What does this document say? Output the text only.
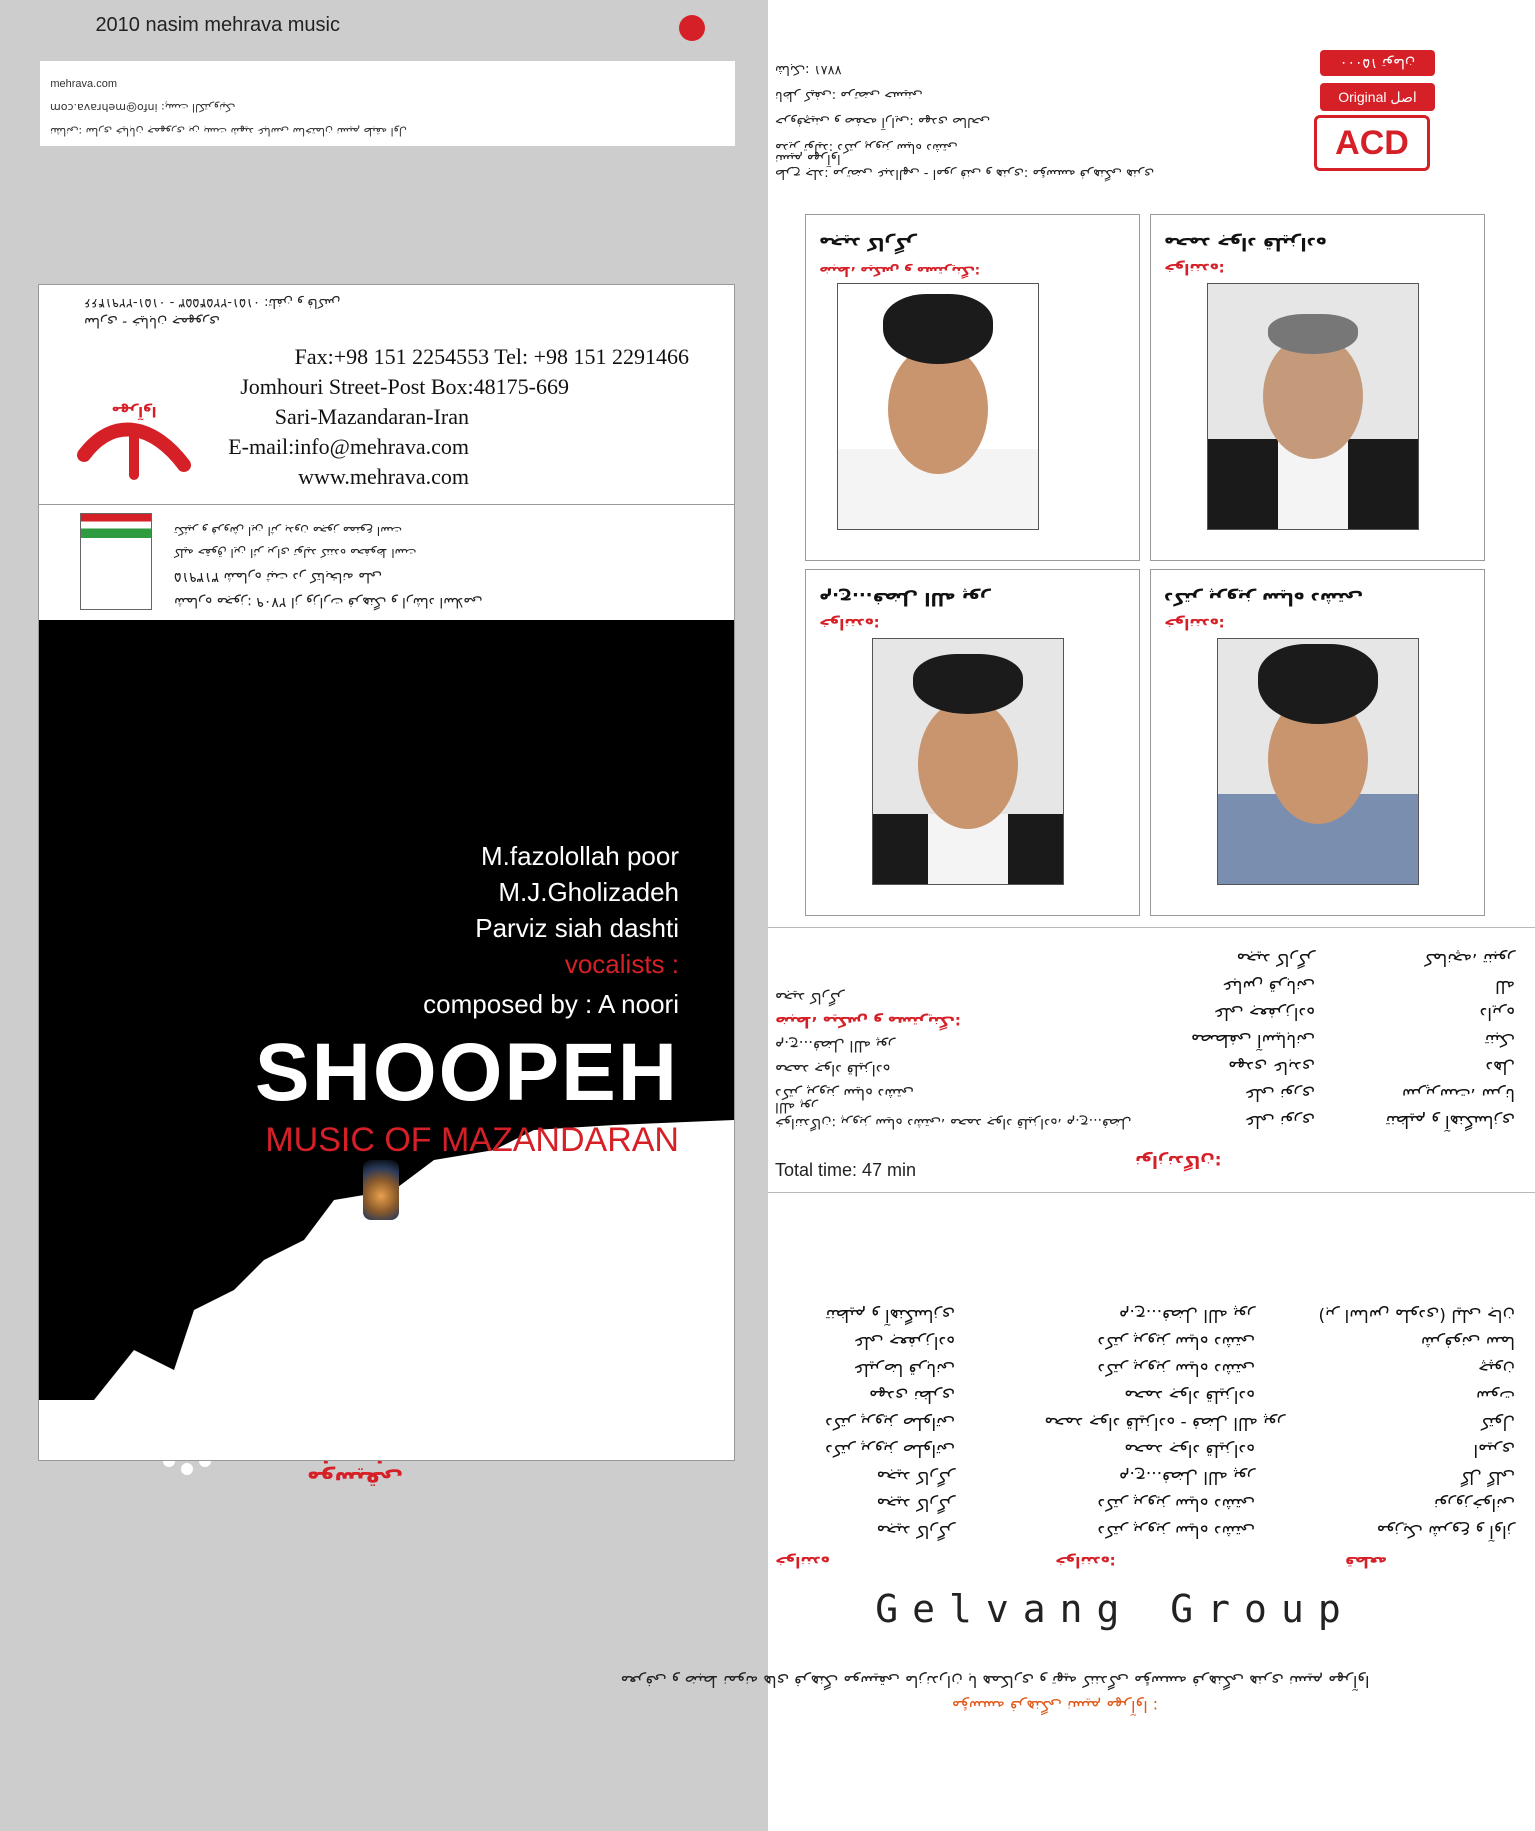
موسیقی
MUSIC OF MAZANDARAN
SHOOPEH
composed by : A noori
vocalists :
Parviz siah dashti
M.J.Gholizadeh
M.fazolollah poor
شماره مجوز: ۲۷۰۹ از وزارت فرهنگ و ارشاد اسلامی
۳۱۳۹۱۵ شماره ثبت در کتابخانه ملی
کلیه حقوق این اثر برای تولید کننده محفوظ است
تکثیر و فروش این اثر بدون مجوز ممنوع است
www.mehrava.com
E-mail:info@mehrava.com
Sari-Mazandaran-Iran
Jomhouri Street-Post Box:48175-669
Fax:+98 151 2254553 Tel: +98 151 2291466
مهرآوا
ساری - خیابان جمهوری
۰۱۵۱-۲۲۹۱۴۶۶ - ۰۱۵۱-۲۲۵۴۵۵۳ :تلفن و فاکس
نشانی: ساری خیابان جمهوری بن بست شهید عباسی ساختمان نسیم طبقه اول
info@mehrava.com :پست الکترونیک
mehrava.com
2010 nasim mehrava music
مؤسسه فرهنگی نسیم مهرآوا :
معرفی و ضبط نمونه های فرهنگ موسیقی مازندران با همکاری و تهیه کنندگی مؤسسه فرهنگی هنری نسیم مهرآوا
Gelvang Group
قطعه
خواننده:
خواننده
موزیک شروع و آواز
دکتر پرویز سیاه دشتی
مجید کارگر
نوروزخوانی
دکتر پرویز سیاه دشتی
مجید کارگر
گل گلی
م.ج...فضل الله پور
مجید کارگر
امیری
محمد جواد قلیزاده
دکتر پرویز صلواتی
کتول
محمد جواد قلیزاده - فضل الله پور
دکتر پرویز صلواتی
سوت
محمد جواد قلیزاده
مهدی نظری
چپون
دکتر پرویز سیاه دشتی
علیرضا قربانی
شرفونی سما
دکتر پرویز سیاه دشتی
علی جعفرزاده
(بر اساس ملودی) لیلی جان
م.ج...فضل الله پور
تنظیم و آهنگسازی
Total time: 47 min	نوازندگان:
تنظیم و آهنگسازی
علی نوری
سرپرست، سرنا
علی نوری
دهل
مهدی عابدی
تنبک
مصطفی آسیابانی
دایره
علی جعفرزاده
لله
عباس قربانی
کمانچه، تنبور
مجید کارگر
خوانندگان: پرویز سیاه دشتی، محمد جواد قلیزاده، م.ج...فضل الله پور
دکتر پرویز سیاه دشتی
محمد جواد قلیزاده
م.ج...فضل الله پور
ضبط، میکس و مسترینگ:
مجید کارگر
دکتر پرویز سیاه دشتی
خواننده:
م.ج...فضل الله پور
خواننده:
محمد جواد قلیزاده
خواننده:
مجید کارگر
ضبط، میکس و مسترینگ:
طرح جلد: مرتضی عبدالهی - امور فنی و هنری: مؤسسه فرهنگی هنری نسیم مهرآوا
مدیر تولید: دکتر پرویز سیاه دشتی
حروفچینی و صفحه آرایی: مهدی صالحی
ناظر کیفی: مرتضی حسینی
شابک: ۷۷۸۱
ACD
Original اصل
۱۵۰۰۰ تومان
